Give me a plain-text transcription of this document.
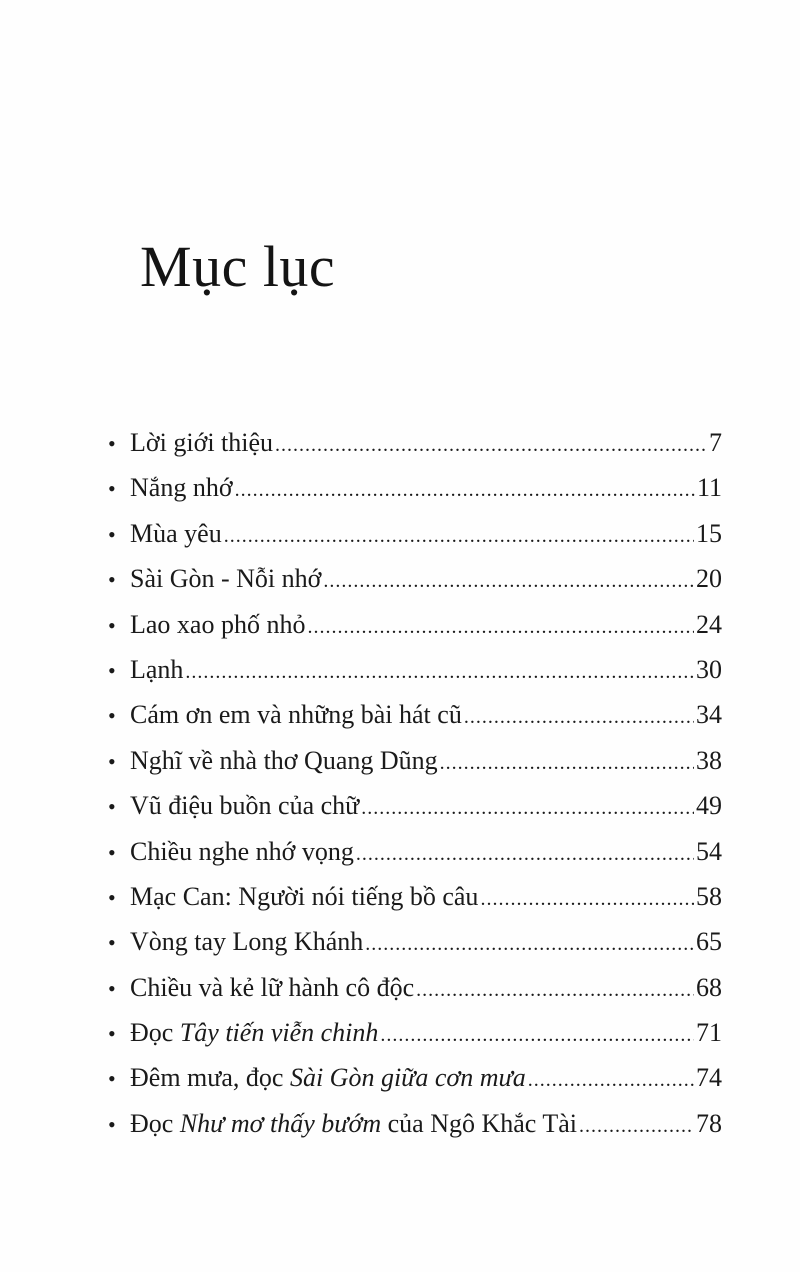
Mục lục
• Lời giới thiệu .....	7
• Nắng nhớ .....	11
• Mùa yêu .....	15
• Sài Gòn - Nỗi nhớ .....	20
• Lao xao phố nhỏ .....	24
• Lạnh .....	30
• Cám ơn em và những bài hát cũ .....	34
• Nghĩ về nhà thơ Quang Dũng .....	38
• Vũ điệu buồn của chữ .....	49
• Chiều nghe nhớ vọng .....	54
• Mạc Can: Người nói tiếng bồ câu .....	58
• Vòng tay Long Khánh .....	65
• Chiều và kẻ lữ hành cô độc .....	68
• Đọc Tây tiến viễn chinh .....	71
• Đêm mưa, đọc Sài Gòn giữa cơn mưa .....	74
• Đọc Như mơ thấy bướm của Ngô Khắc Tài .....	78
